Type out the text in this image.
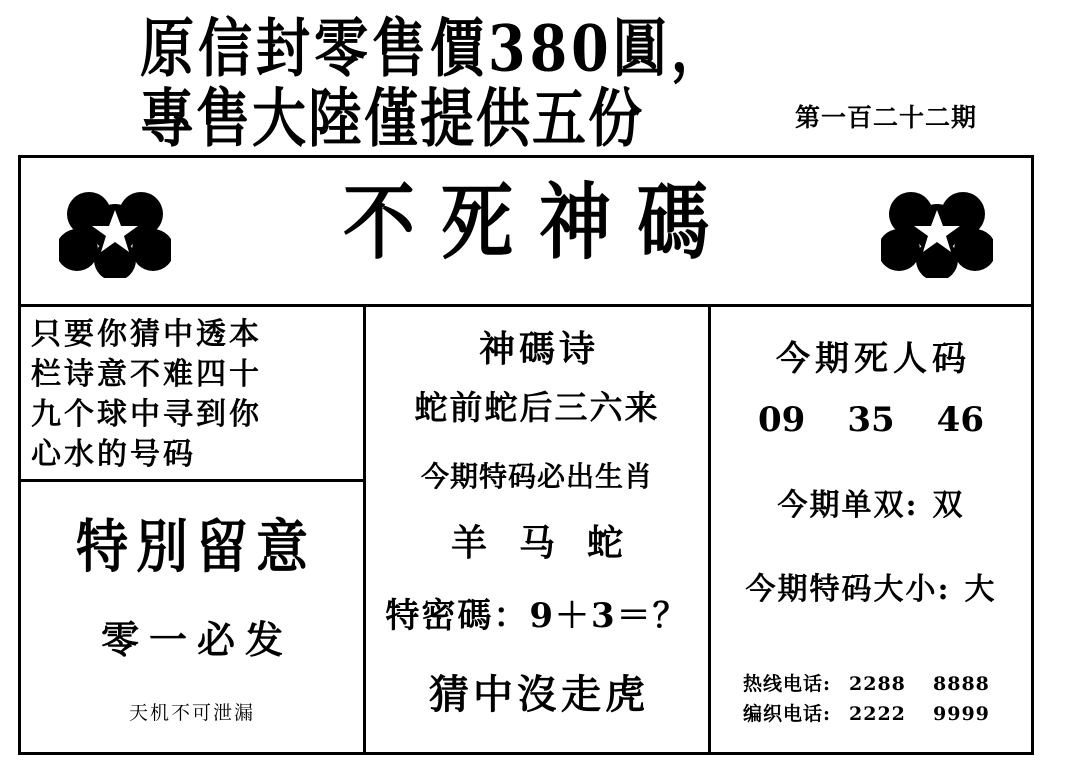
原信封零售價380圓，
專售大陸僅提供五份	第一百二十二期
不死神碼
只要你猜中透本
栏诗意不难四十
九个球中寻到你
心水的号码
特別留意
零一必发
天机不可泄漏
神碼诗
蛇前蛇后三六来
今期特码必出生肖
羊马蛇
特密碼：9＋3＝？
猜中沒走虎
今期死人码
09 35 46
今期单双: 双
今期特码大小: 大
热线电话: 2288	8888
编织电话: 2222	9999
